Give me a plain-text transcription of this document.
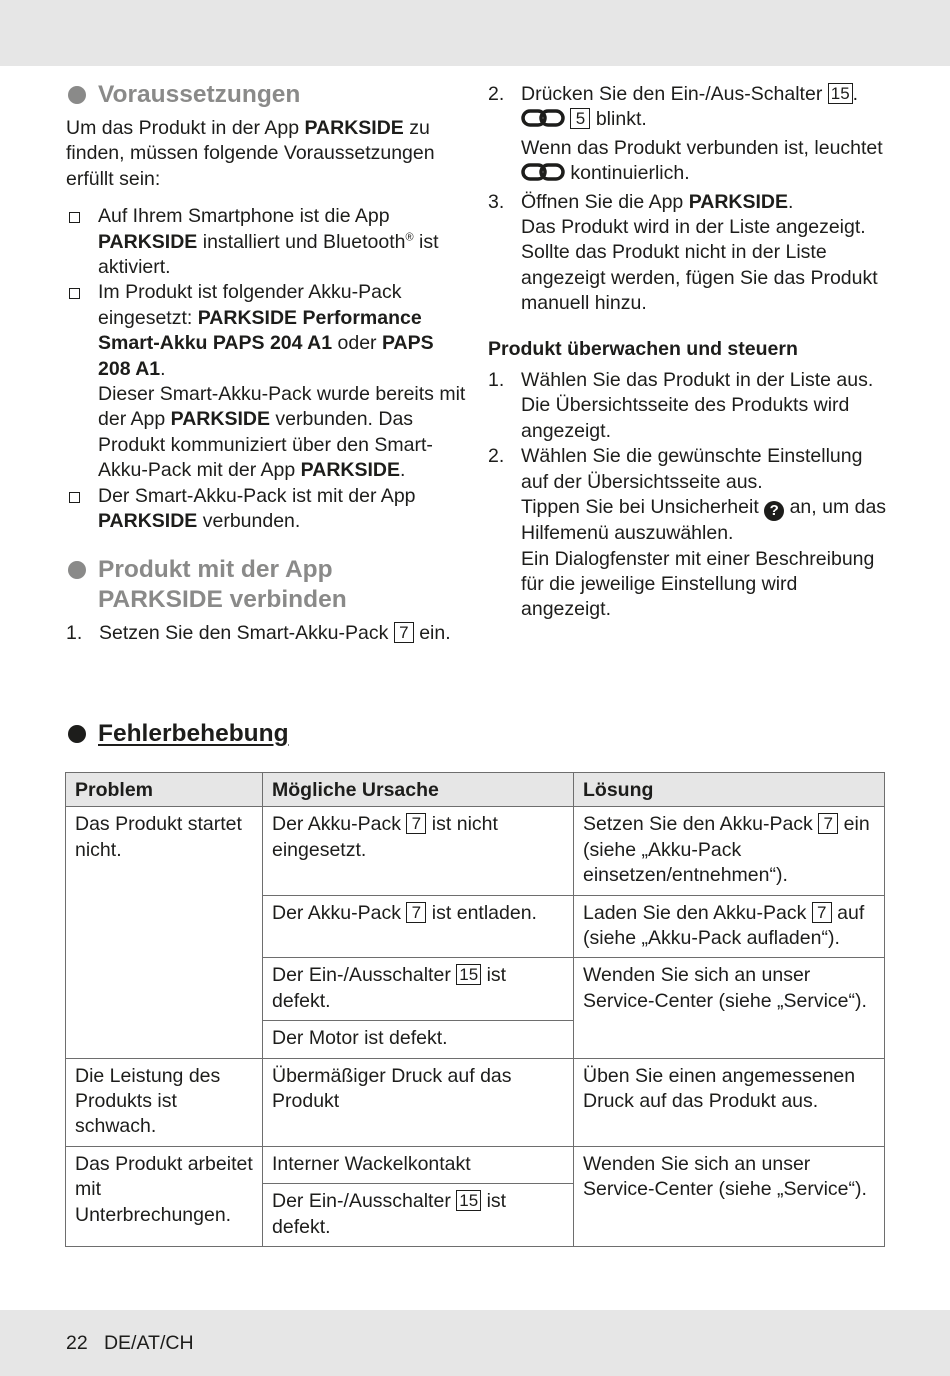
Voraussetzungen

Um das Produkt in der App PARKSIDE zu finden, müssen folgende Voraussetzungen erfüllt sein:

Auf Ihrem Smartphone ist die App PARKSIDE installiert und Bluetooth® ist aktiviert.
Im Produkt ist folgender Akku-Pack eingesetzt: PARKSIDE Performance Smart-Akku PAPS 204 A1 oder PAPS 208 A1.
Dieser Smart-Akku-Pack wurde bereits mit der App PARKSIDE verbunden. Das Produkt kommuniziert über den Smart-Akku-Pack mit der App PARKSIDE.
Der Smart-Akku-Pack ist mit der App PARKSIDE verbunden.
Produkt mit der App
PARKSIDE verbinden
1. Setzen Sie den Smart-Akku-Pack 7 ein.
2. Drücken Sie den Ein-/Aus-Schalter 15 .
5 blinkt.
Wenn das Produkt verbunden ist, leuchtet  kontinuierlich.
3. Öffnen Sie die App PARKSIDE.
Das Produkt wird in der Liste angezeigt. Sollte das Produkt nicht in der Liste angezeigt werden, fügen Sie das Produkt manuell hinzu.

Produkt überwachen und steuern

1. Wählen Sie das Produkt in der Liste aus.
Die Übersichtsseite des Produkts wird angezeigt.
2. Wählen Sie die gewünschte Einstellung auf der Übersichtsseite aus.
Tippen Sie bei Unsicherheit ? an, um das Hilfemenü auszuwählen.
Ein Dialogfenster mit einer Beschreibung für die jeweilige Einstellung wird angezeigt.
Fehlerbehebung
Problem	Mögliche Ursache	Lösung
Das Produkt startet nicht.	Der Akku-Pack 7 ist nicht eingesetzt.	Setzen Sie den Akku-Pack 7 ein (siehe „Akku-Pack einsetzen/entnehmen“).
	Der Akku-Pack 7 ist entladen.	Laden Sie den Akku-Pack 7 auf (siehe „Akku-Pack aufladen“).
	Der Ein-/Ausschalter 15 ist defekt.	Wenden Sie sich an unser Service-Center (siehe „Service“).
	Der Motor ist defekt.	
Die Leistung des Produkts ist schwach.	Übermäßiger Druck auf das Produkt	Üben Sie einen angemessenen Druck auf das Produkt aus.
Das Produkt arbeitet mit Unterbrechungen.	Interner Wackelkontakt	Wenden Sie sich an unser Service-Center (siehe „Service“).
	Der Ein-/Ausschalter 15 ist defekt.	
22 DE/AT/CH
